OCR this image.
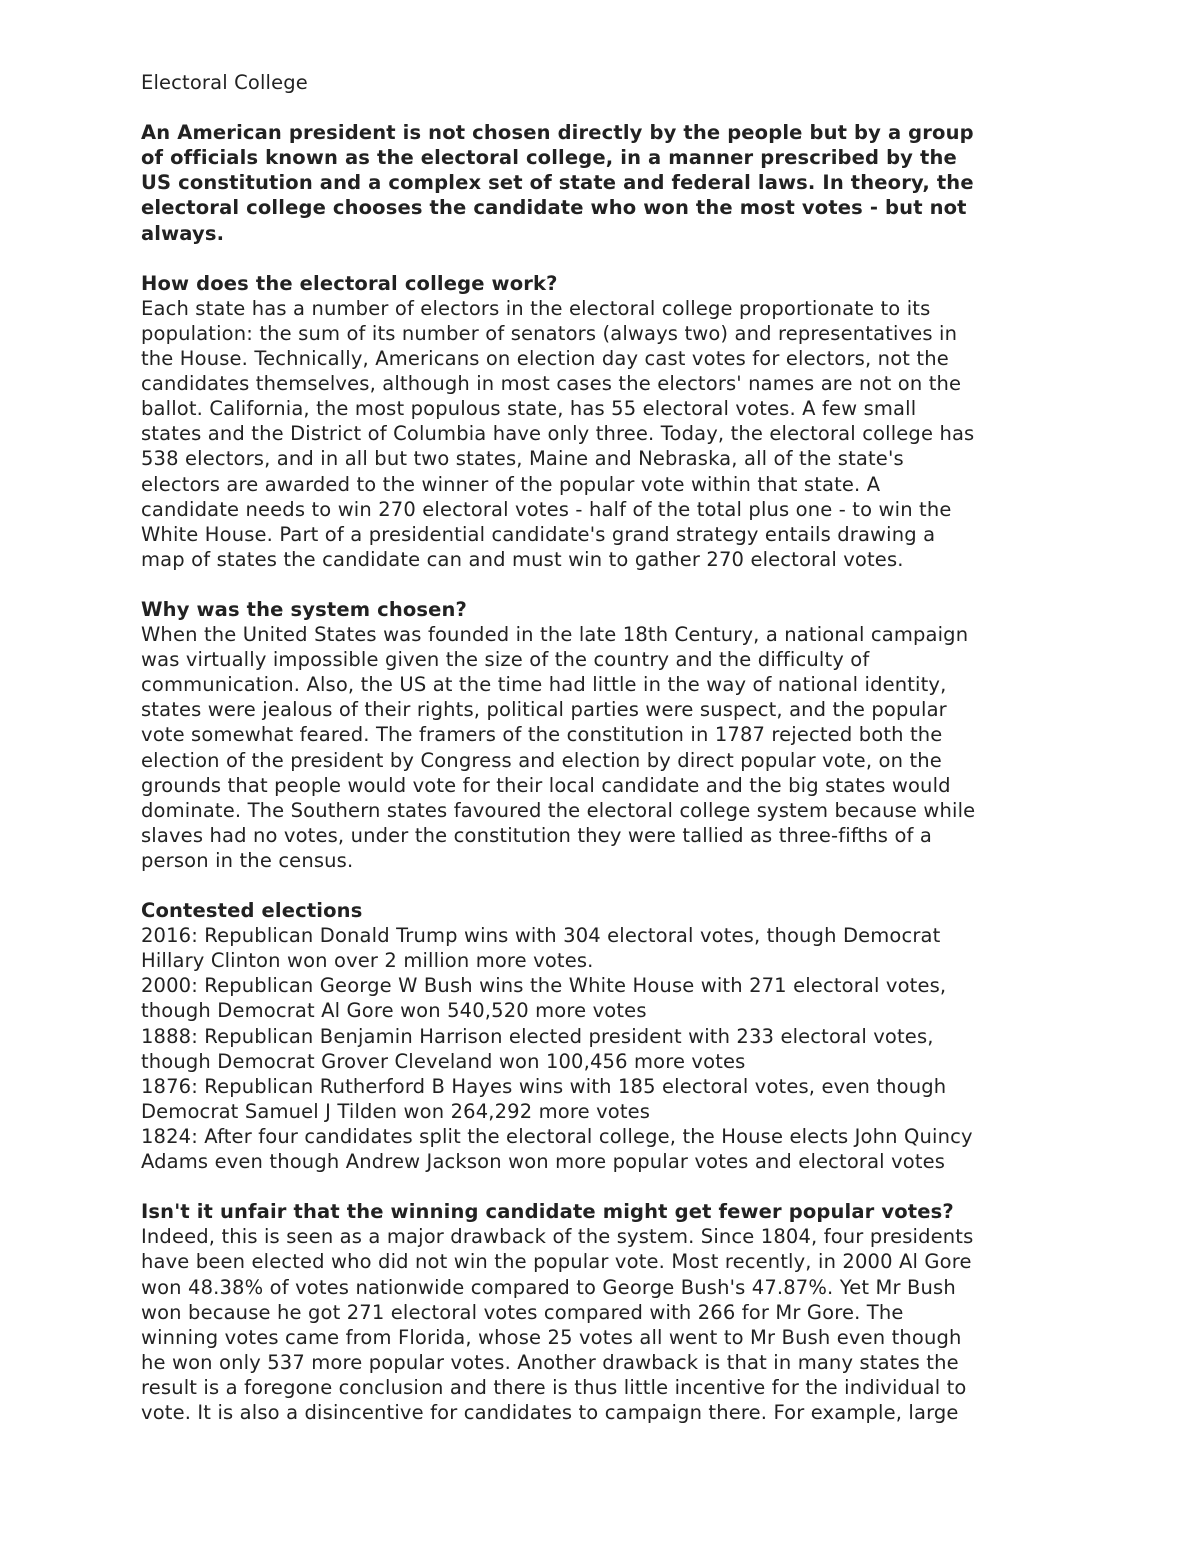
Electoral College
An American president is not chosen directly by the people but by a group
of officials known as the electoral college, in a manner prescribed by the
US constitution and a complex set of state and federal laws. In theory, the
electoral college chooses the candidate who won the most votes - but not
always.
How does the electoral college work?
Each state has a number of electors in the electoral college proportionate to its
population: the sum of its number of senators (always two) and representatives in
the House. Technically, Americans on election day cast votes for electors, not the
candidates themselves, although in most cases the electors' names are not on the
ballot. California, the most populous state, has 55 electoral votes. A few small
states and the District of Columbia have only three. Today, the electoral college has
538 electors, and in all but two states, Maine and Nebraska, all of the state's
electors are awarded to the winner of the popular vote within that state. A
candidate needs to win 270 electoral votes - half of the total plus one - to win the
White House. Part of a presidential candidate's grand strategy entails drawing a
map of states the candidate can and must win to gather 270 electoral votes.
Why was the system chosen?
When the United States was founded in the late 18th Century, a national campaign
was virtually impossible given the size of the country and the difficulty of
communication. Also, the US at the time had little in the way of national identity,
states were jealous of their rights, political parties were suspect, and the popular
vote somewhat feared. The framers of the constitution in 1787 rejected both the
election of the president by Congress and election by direct popular vote, on the
grounds that people would vote for their local candidate and the big states would
dominate. The Southern states favoured the electoral college system because while
slaves had no votes, under the constitution they were tallied as three-fifths of a
person in the census.
Contested elections
2016: Republican Donald Trump wins with 304 electoral votes, though Democrat
Hillary Clinton won over 2 million more votes.
2000: Republican George W Bush wins the White House with 271 electoral votes,
though Democrat Al Gore won 540,520 more votes
1888: Republican Benjamin Harrison elected president with 233 electoral votes,
though Democrat Grover Cleveland won 100,456 more votes
1876: Republican Rutherford B Hayes wins with 185 electoral votes, even though
Democrat Samuel J Tilden won 264,292 more votes
1824: After four candidates split the electoral college, the House elects John Quincy
Adams even though Andrew Jackson won more popular votes and electoral votes
Isn't it unfair that the winning candidate might get fewer popular votes?
Indeed, this is seen as a major drawback of the system. Since 1804, four presidents
have been elected who did not win the popular vote. Most recently, in 2000 Al Gore
won 48.38% of votes nationwide compared to George Bush's 47.87%. Yet Mr Bush
won because he got 271 electoral votes compared with 266 for Mr Gore. The
winning votes came from Florida, whose 25 votes all went to Mr Bush even though
he won only 537 more popular votes. Another drawback is that in many states the
result is a foregone conclusion and there is thus little incentive for the individual to
vote. It is also a disincentive for candidates to campaign there. For example, large
